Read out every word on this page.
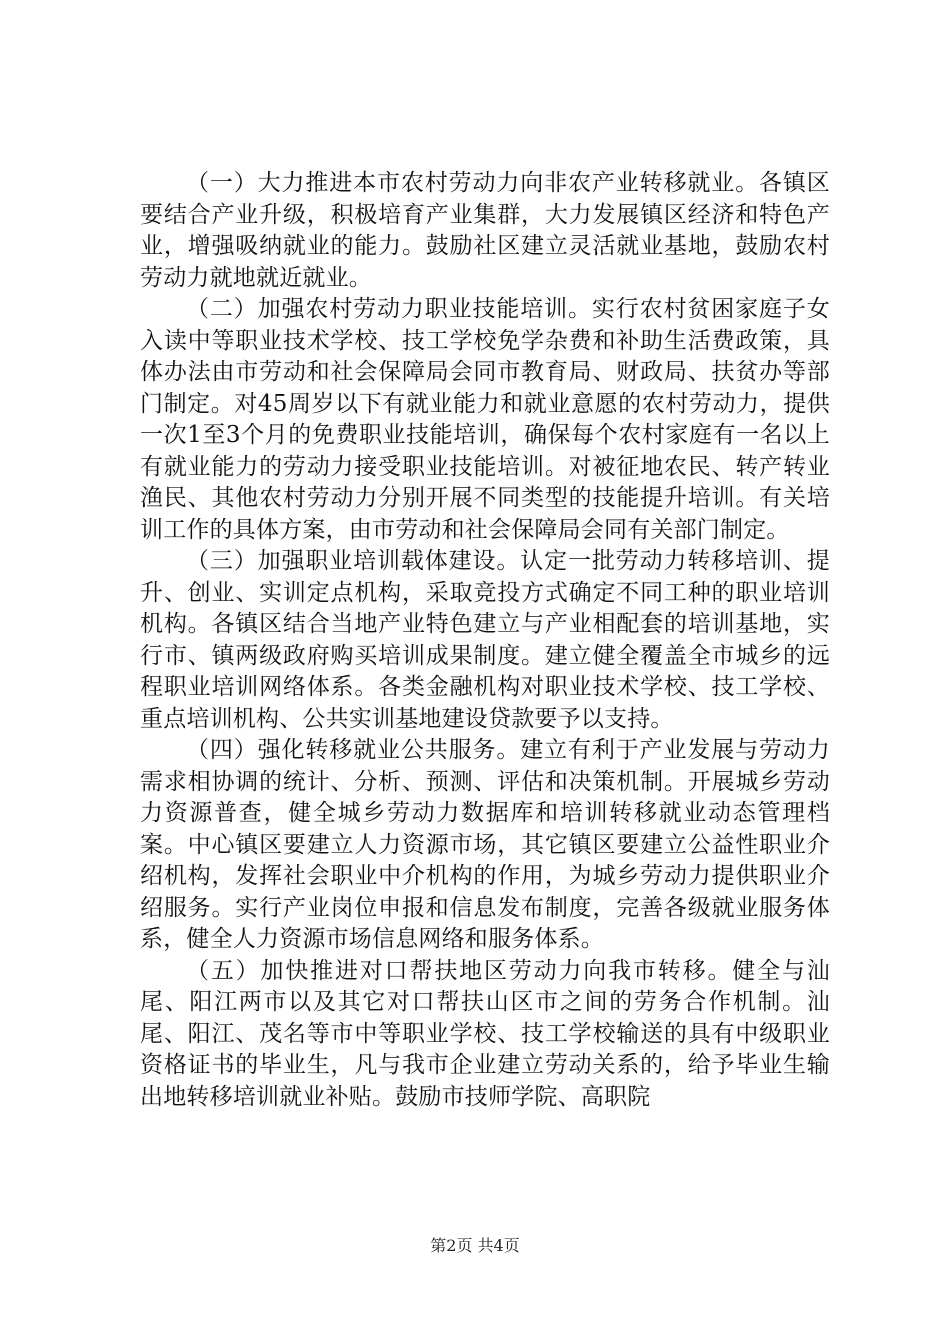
（一）大力推进本市农村劳动力向非农产业转移就业。各镇区要结合产业升级，积极培育产业集群，大力发展镇区经济和特色产业，增强吸纳就业的能力。鼓励社区建立灵活就业基地，鼓励农村劳动力就地就近就业。

（二）加强农村劳动力职业技能培训。实行农村贫困家庭子女入读中等职业技术学校、技工学校免学杂费和补助生活费政策，具体办法由市劳动和社会保障局会同市教育局、财政局、扶贫办等部门制定。对45周岁以下有就业能力和就业意愿的农村劳动力，提供一次1至3个月的免费职业技能培训，确保每个农村家庭有一名以上有就业能力的劳动力接受职业技能培训。对被征地农民、转产转业渔民、其他农村劳动力分别开展不同类型的技能提升培训。有关培训工作的具体方案，由市劳动和社会保障局会同有关部门制定。

（三）加强职业培训载体建设。认定一批劳动力转移培训、提升、创业、实训定点机构，采取竞投方式确定不同工种的职业培训机构。各镇区结合当地产业特色建立与产业相配套的培训基地，实行市、镇两级政府购买培训成果制度。建立健全覆盖全市城乡的远程职业培训网络体系。各类金融机构对职业技术学校、技工学校、重点培训机构、公共实训基地建设贷款要予以支持。

（四）强化转移就业公共服务。建立有利于产业发展与劳动力需求相协调的统计、分析、预测、评估和决策机制。开展城乡劳动力资源普查，健全城乡劳动力数据库和培训转移就业动态管理档案。中心镇区要建立人力资源市场，其它镇区要建立公益性职业介绍机构，发挥社会职业中介机构的作用，为城乡劳动力提供职业介绍服务。实行产业岗位申报和信息发布制度，完善各级就业服务体系，健全人力资源市场信息网络和服务体系。

（五）加快推进对口帮扶地区劳动力向我市转移。健全与汕尾、阳江两市以及其它对口帮扶山区市之间的劳务合作机制。汕尾、阳江、茂名等市中等职业学校、技工学校输送的具有中级职业资格证书的毕业生，凡与我市企业建立劳动关系的，给予毕业生输出地转移培训就业补贴。鼓励市技师学院、高职院

第2页 共4页
